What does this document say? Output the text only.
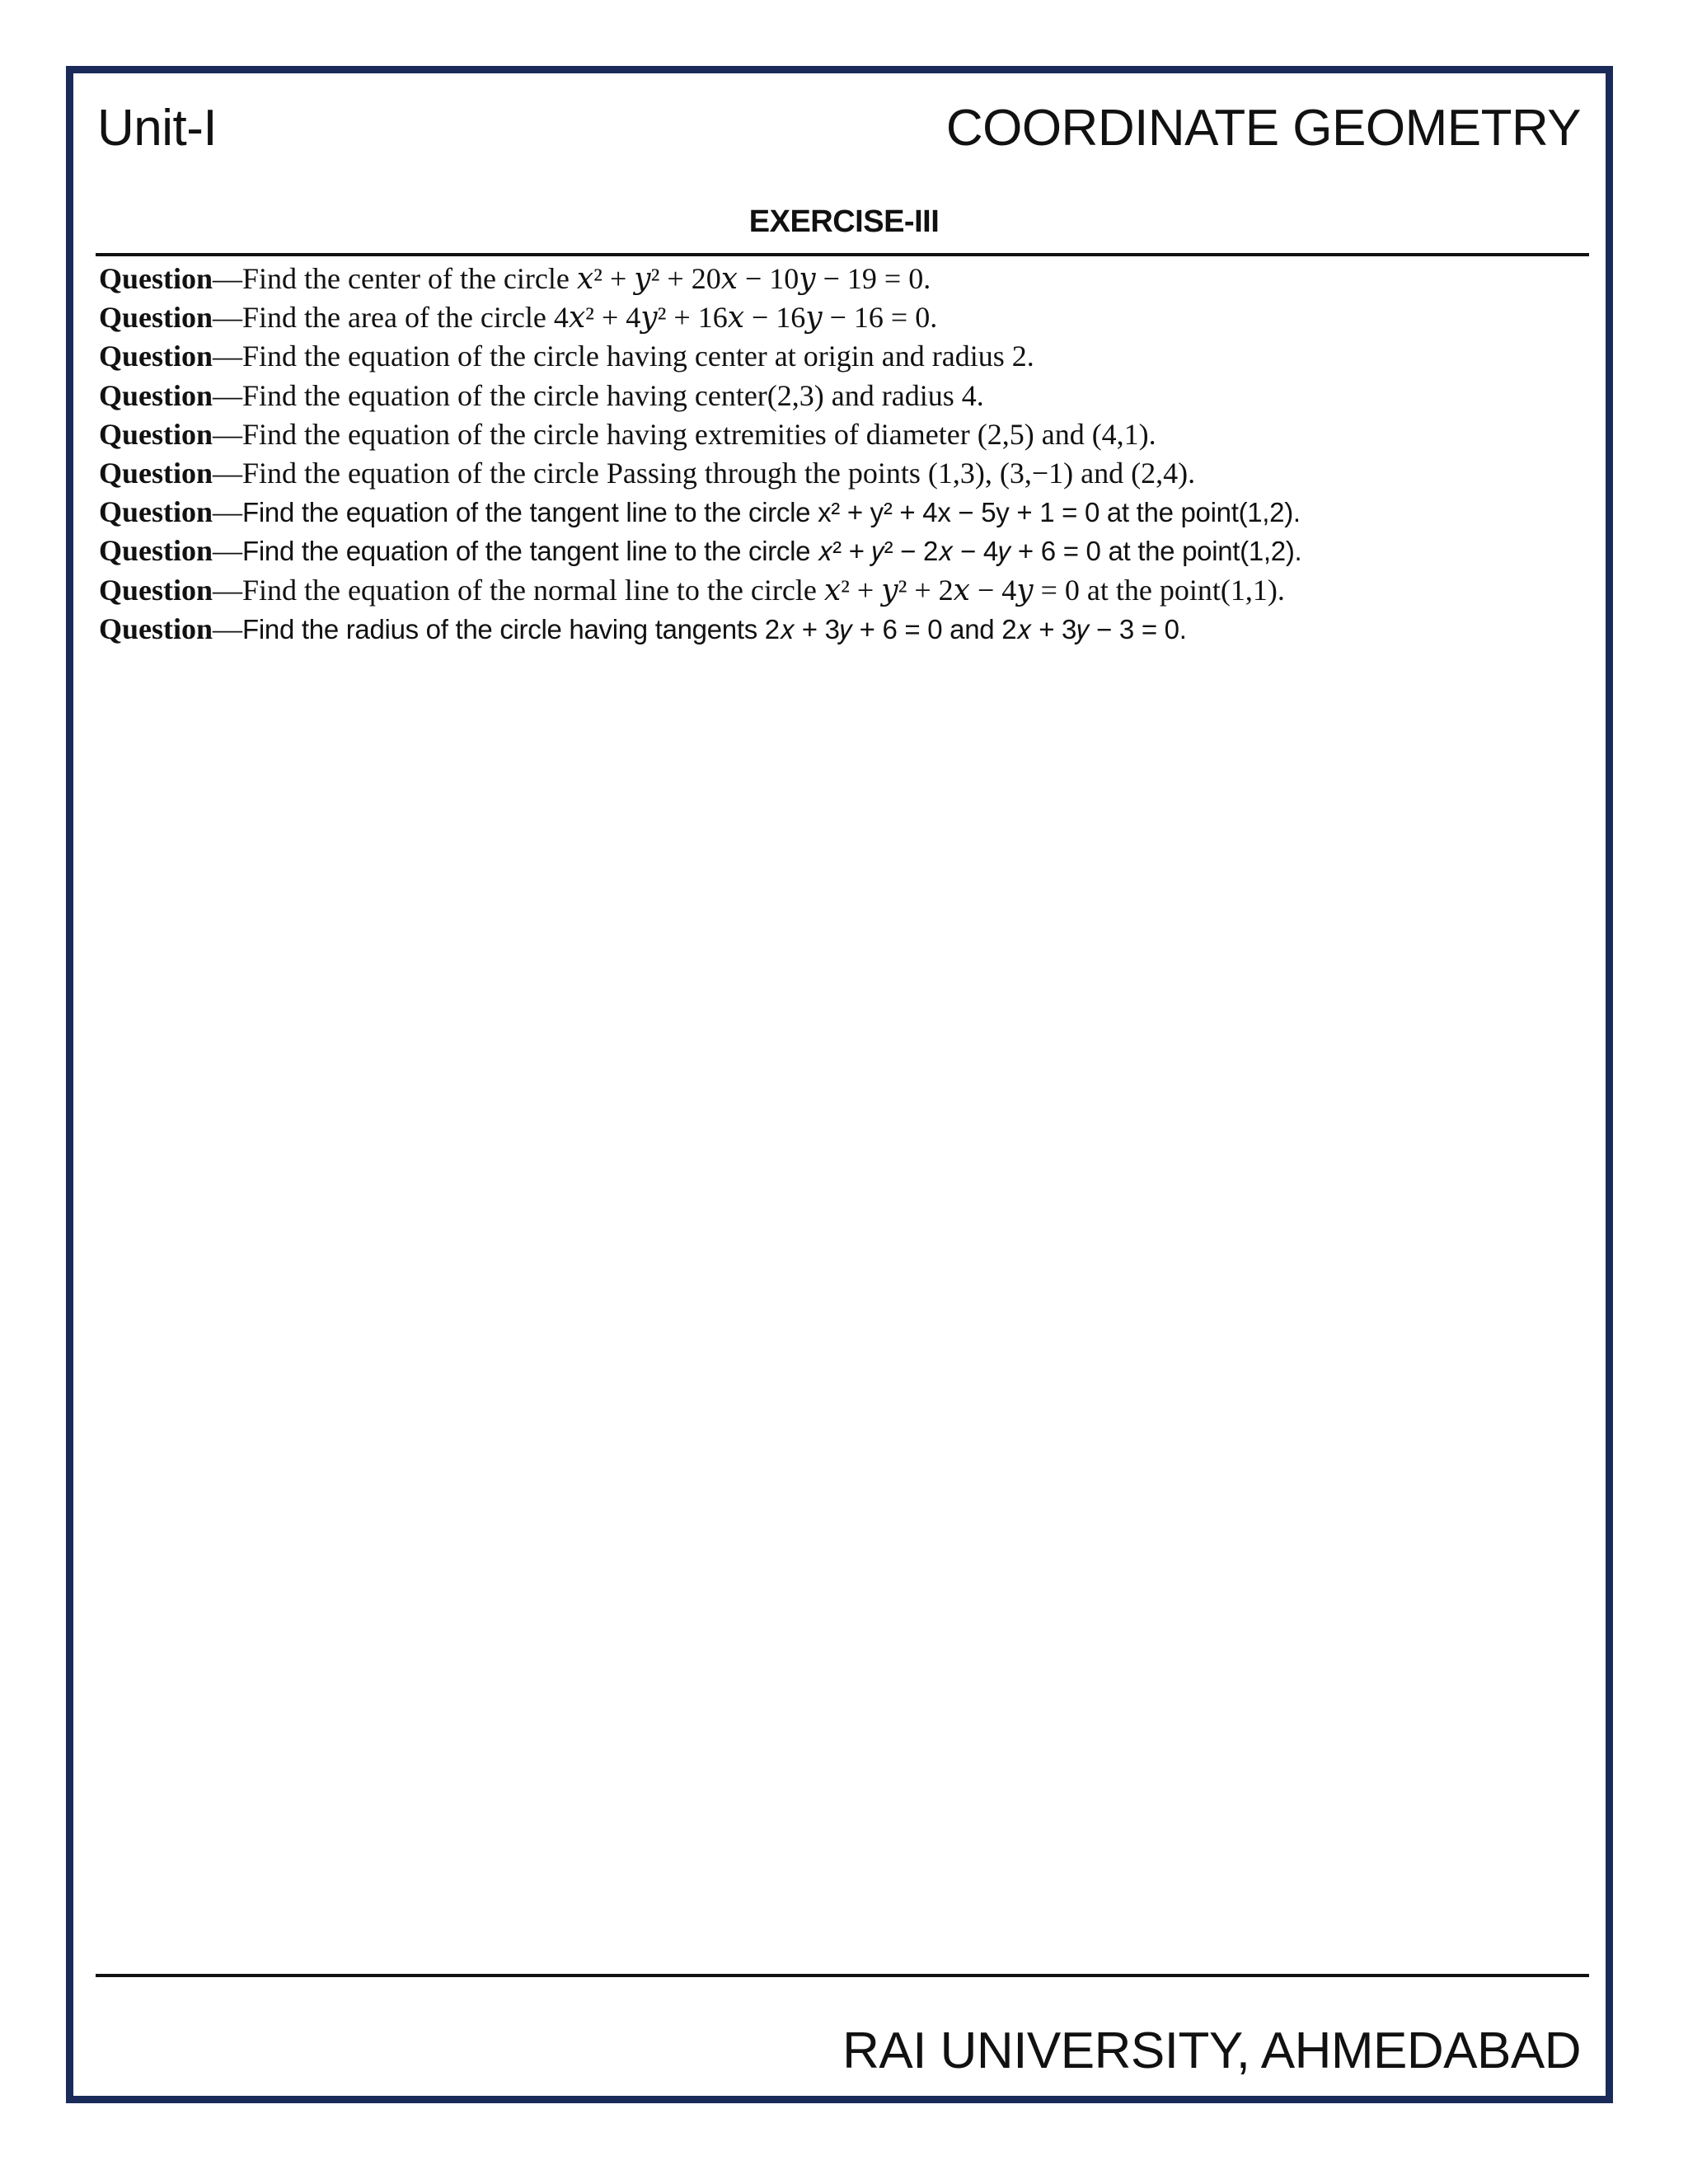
Unit-I	COORDINATE GEOMETRY
EXERCISE-III
Question—Find the center of the circle 𝑥² + 𝑦² + 20𝑥 − 10𝑦 − 19 = 0.
Question—Find the area of the circle 4𝑥² + 4𝑦² + 16𝑥 − 16𝑦 − 16 = 0.
Question—Find the equation of the circle having center at origin and radius 2.
Question—Find the equation of the circle having center(2,3) and radius 4.
Question—Find the equation of the circle having extremities of diameter (2,5) and (4,1).
Question—Find the equation of the circle Passing through the points (1,3), (3,−1) and (2,4).
Question—Find the equation of the tangent line to the circle x² + y² + 4x − 5y + 1 = 0 at the point(1,2).
Question—Find the equation of the tangent line to the circle 𝑥² + 𝑦² − 2𝑥 − 4𝑦 + 6 = 0 at the point(1,2).
Question—Find the equation of the normal line to the circle 𝑥² + 𝑦² + 2𝑥 − 4𝑦 = 0 at the point(1,1).
Question—Find the radius of the circle having tangents 2𝑥 + 3𝑦 + 6 = 0 and 2𝑥 + 3𝑦 − 3 = 0.
RAI UNIVERSITY, AHMEDABAD
